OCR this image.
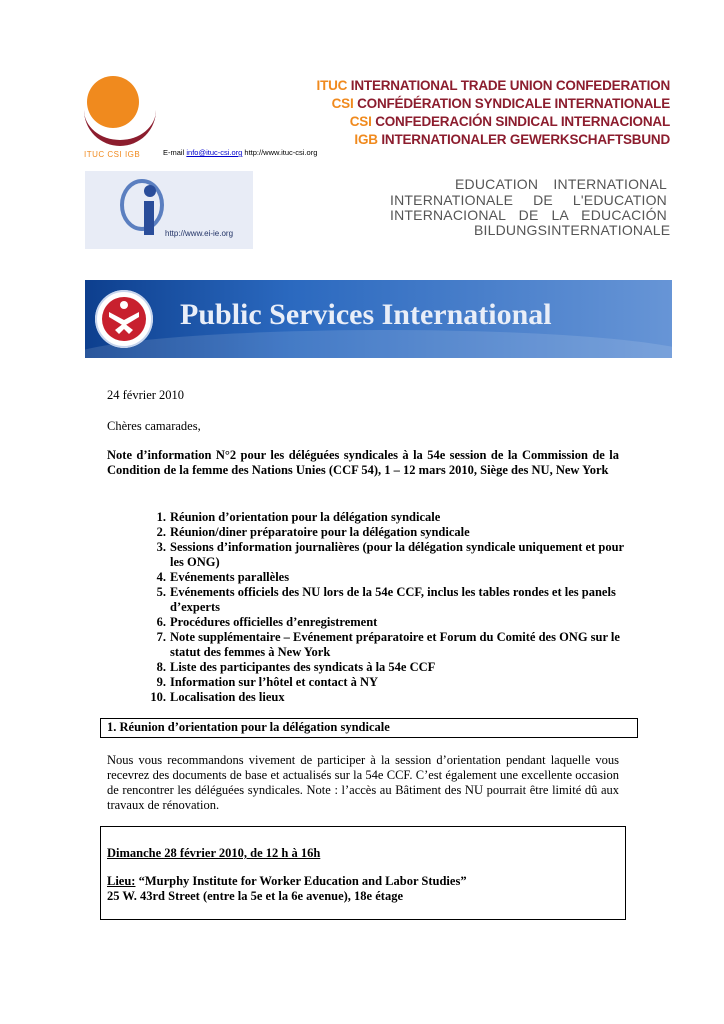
ITUC CSI IGB
ITUC INTERNATIONAL TRADE UNION CONFEDERATION
CSI CONFÉDÉRATION SYNDICALE INTERNATIONALE
CSI CONFEDERACIÓN SINDICAL INTERNACIONAL
IGB INTERNATIONALER GEWERKSCHAFTSBUND
E-mail info@ituc-csi.org http://www.ituc-csi.org
http://www.ei-ie.org
EDUCATION INTERNATIONAL
INTERNATIONALE DE L'EDUCATION
INTERNACIONAL DE LA EDUCACIÓN
BILDUNGSINTERNATIONALE
Public Services International
24 février 2010
Chères camarades,
Note d’information N°2 pour les déléguées syndicales à la 54e session de la Commission de la Condition de la femme des Nations Unies (CCF 54), 1 – 12 mars 2010, Siège des NU, New York
1. Réunion d’orientation pour la délégation syndicale
2. Réunion/diner préparatoire pour la délégation syndicale
3. Sessions d’information journalières (pour la délégation syndicale uniquement et pour les ONG)
4. Evénements parallèles
5. Evénements officiels des NU lors de la 54e CCF, inclus les tables rondes et les panels d’experts
6. Procédures officielles d’enregistrement
7. Note supplémentaire – Evénement préparatoire et Forum du Comité des ONG sur le statut des femmes à New York
8. Liste des participantes des syndicats à la 54e CCF
9. Information sur l’hôtel et contact à NY
10. Localisation des lieux
1. Réunion d’orientation pour la délégation syndicale
Nous vous recommandons vivement de participer à la session d’orientation pendant laquelle vous recevrez des documents de base et actualisés sur la 54e CCF. C’est également une excellente occasion de rencontrer les déléguées syndicales. Note : l’accès au Bâtiment des NU pourrait être limité dû aux travaux de rénovation.
Dimanche 28 février 2010, de 12 h à 16h
Lieu: “Murphy Institute for Worker Education and Labor Studies”
25 W. 43rd Street (entre la 5e et la 6e avenue), 18e étage
